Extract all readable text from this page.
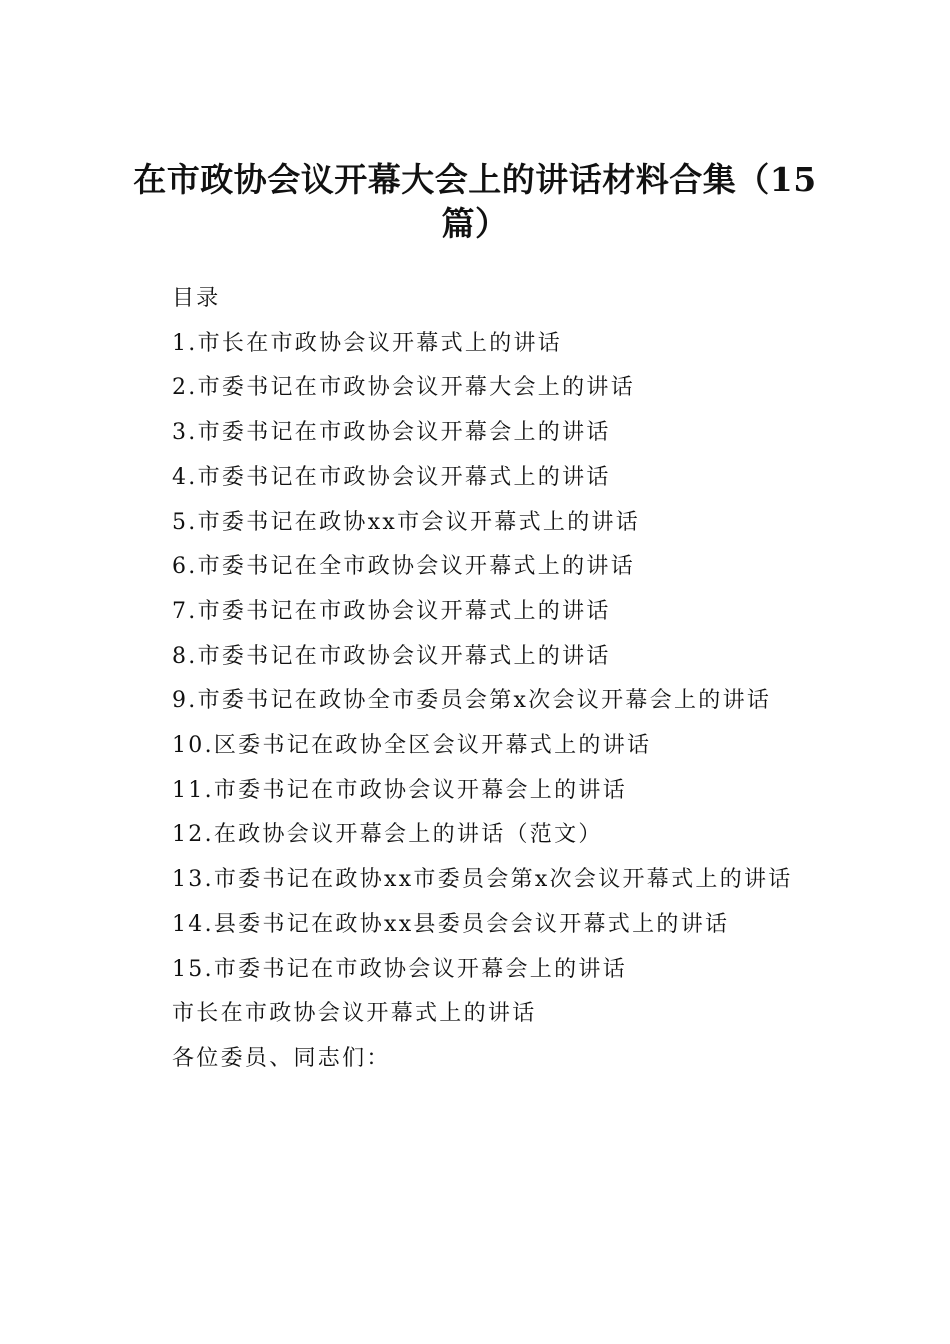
在市政协会议开幕大会上的讲话材料合集（15篇）

目录

1.市长在市政协会议开幕式上的讲话

2.市委书记在市政协会议开幕大会上的讲话

3.市委书记在市政协会议开幕会上的讲话

4.市委书记在市政协会议开幕式上的讲话

5.市委书记在政协xx市会议开幕式上的讲话

6.市委书记在全市政协会议开幕式上的讲话

7.市委书记在市政协会议开幕式上的讲话

8.市委书记在市政协会议开幕式上的讲话

9.市委书记在政协全市委员会第x次会议开幕会上的讲话

10.区委书记在政协全区会议开幕式上的讲话

11.市委书记在市政协会议开幕会上的讲话

12.在政协会议开幕会上的讲话（范文）

13.市委书记在政协xx市委员会第x次会议开幕式上的讲话

14.县委书记在政协xx县委员会会议开幕式上的讲话

15.市委书记在市政协会议开幕会上的讲话

市长在市政协会议开幕式上的讲话

各位委员、同志们：
